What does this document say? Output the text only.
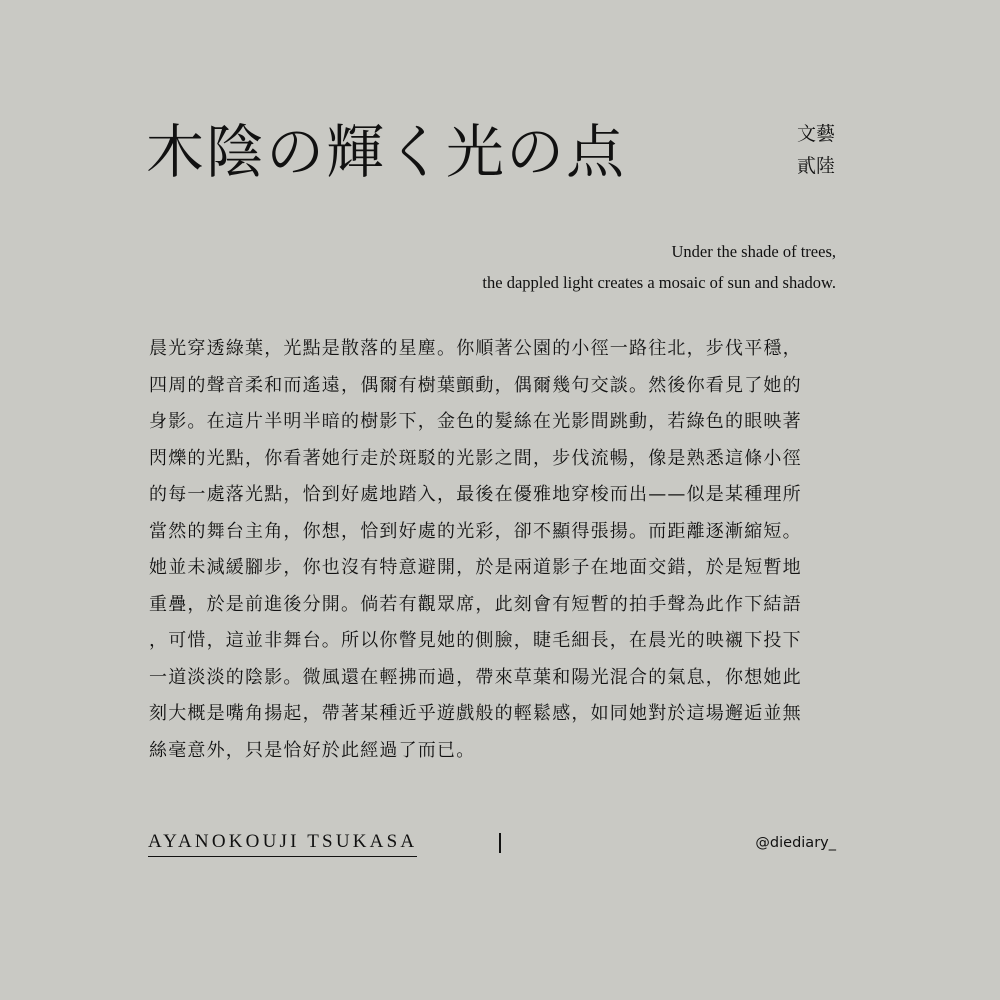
木陰の輝く光の点	文藝
貳陸
Under the shade of trees,
the dappled light creates a mosaic of sun and shadow.
晨光穿透綠葉，光點是散落的星塵。你順著公園的小徑一路往北，步伐平穩，
四周的聲音柔和而遙遠，偶爾有樹葉顫動，偶爾幾句交談。然後你看見了她的
身影。在這片半明半暗的樹影下，金色的髮絲在光影間跳動，若綠色的眼映著
閃爍的光點，你看著她行走於斑駁的光影之間，步伐流暢，像是熟悉這條小徑
的每一處落光點，恰到好處地踏入，最後在優雅地穿梭而出——似是某種理所
當然的舞台主角，你想，恰到好處的光彩，卻不顯得張揚。而距離逐漸縮短。
她並未減緩腳步，你也沒有特意避開，於是兩道影子在地面交錯，於是短暫地
重疊，於是前進後分開。倘若有觀眾席，此刻會有短暫的拍手聲為此作下結語
，可惜，這並非舞台。所以你瞥見她的側臉，睫毛細長，在晨光的映襯下投下
一道淡淡的陰影。微風還在輕拂而過，帶來草葉和陽光混合的氣息，你想她此
刻大概是嘴角揚起，帶著某種近乎遊戲般的輕鬆感，如同她對於這場邂逅並無
絲毫意外，只是恰好於此經過了而已。
AYANOKOUJI TSUKASA	@diediary_
